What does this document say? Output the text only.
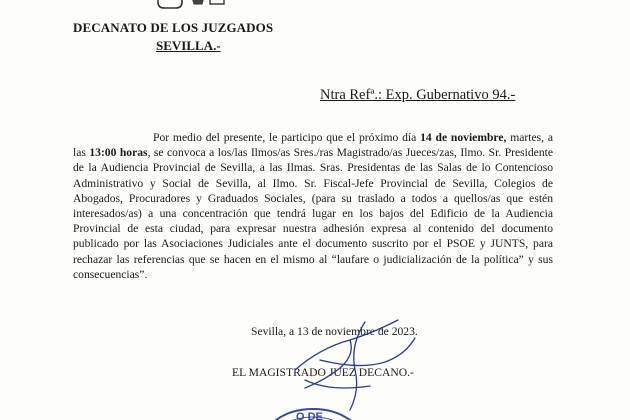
DECANATO DE LOS JUZGADOS
SEVILLA.-
Ntra Refª.: Exp. Gubernativo 94.-
Por medio del presente, le participo que el próximo día 14 de noviembre, martes, a las 13:00 horas, se convoca a los/las Ilmos/as Sres./ras Magistrado/as Jueces/zas, Ilmo. Sr. Presidente de la Audiencia Provincial de Sevilla, a las Ilmas. Sras. Presidentas de las Salas de lo Contencioso Administrativo y Social de Sevilla, al Ilmo. Sr. Fiscal-Jefe Provincial de Sevilla, Colegios de Abogados, Procuradores y Graduados Sociales, (para su traslado a todos a quellos/as que estén interesados/as) a una concentración que tendrá lugar en los bajos del Edificio de la Audiencia Provincial de esta ciudad, para expresar nuestra adhesión expresa al contenido del documento publicado por las Asociaciones Judiciales ante el documento suscrito por el PSOE y JUNTS, para rechazar las referencias que se hacen en el mismo al “laufare o judicialización de la política” y sus consecuencias”.
Sevilla, a 13 de noviembre de 2023.
EL MAGISTRADO JUEZ DECANO.-
O DE
